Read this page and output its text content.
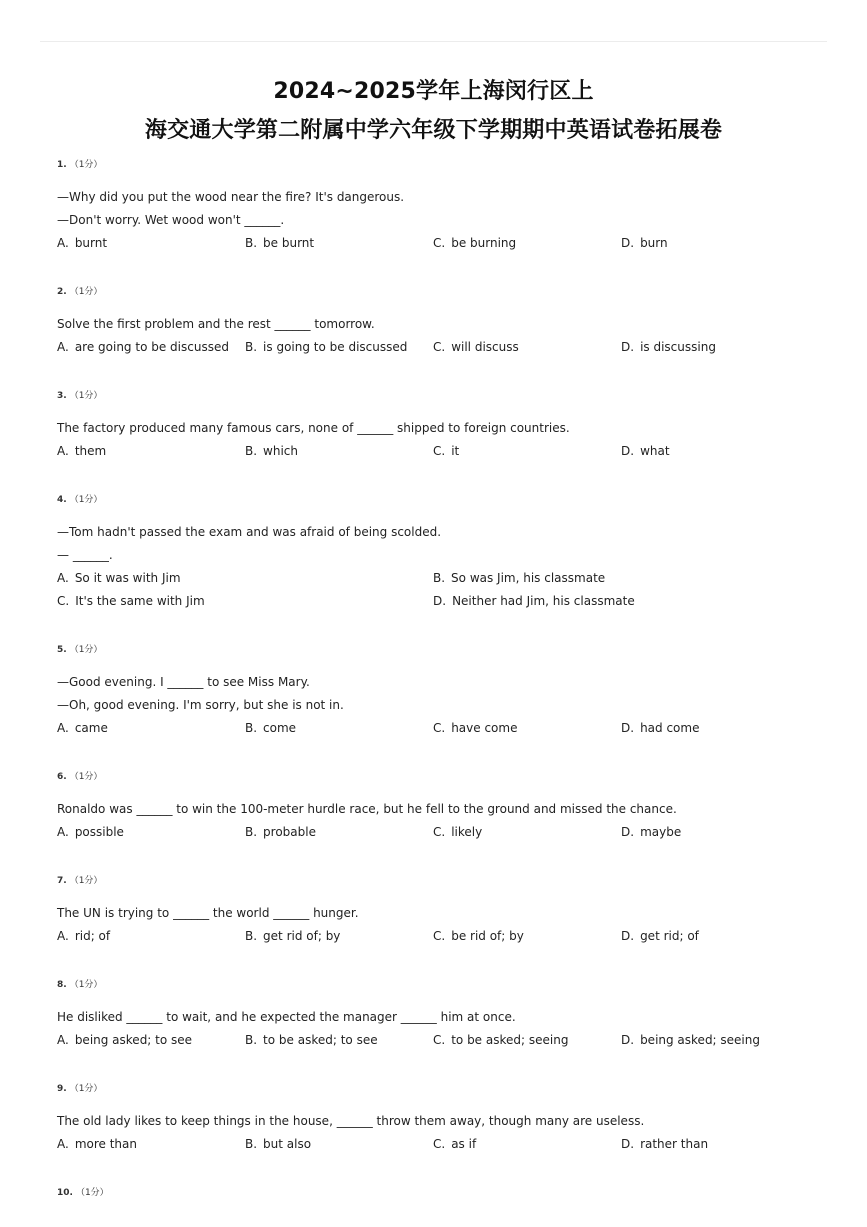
2024~2025学年上海闵行区上
海交通大学第二附属中学六年级下学期期中英语试卷拓展卷
1. （1分）
—Why did you put the wood near the fire? It's dangerous.
—Don't worry. Wet wood won't ______.
A. burnt	B. be burnt	C. be burning	D. burn
2. （1分）
Solve the first problem and the rest ______ tomorrow.
A. are going to be discussed	B. is going to be discussed	C. will discuss	D. is discussing
3. （1分）
The factory produced many famous cars, none of ______ shipped to foreign countries.
A. them	B. which	C. it	D. what
4. （1分）
—Tom hadn't passed the exam and was afraid of being scolded.
— ______.
A. So it was with Jim	B. So was Jim, his classmate
C. It's the same with Jim	D. Neither had Jim, his classmate
5. （1分）
—Good evening. I ______ to see Miss Mary.
—Oh, good evening. I'm sorry, but she is not in.
A. came	B. come	C. have come	D. had come
6. （1分）
Ronaldo was ______ to win the 100-meter hurdle race, but he fell to the ground and missed the chance.
A. possible	B. probable	C. likely	D. maybe
7. （1分）
The UN is trying to ______ the world ______ hunger.
A. rid; of	B. get rid of; by	C. be rid of; by	D. get rid; of
8. （1分）
He disliked ______ to wait, and he expected the manager ______ him at once.
A. being asked; to see	B. to be asked; to see	C. to be asked; seeing	D. being asked; seeing
9. （1分）
The old lady likes to keep things in the house, ______ throw them away, though many are useless.
A. more than	B. but also	C. as if	D. rather than
10. （1分）
